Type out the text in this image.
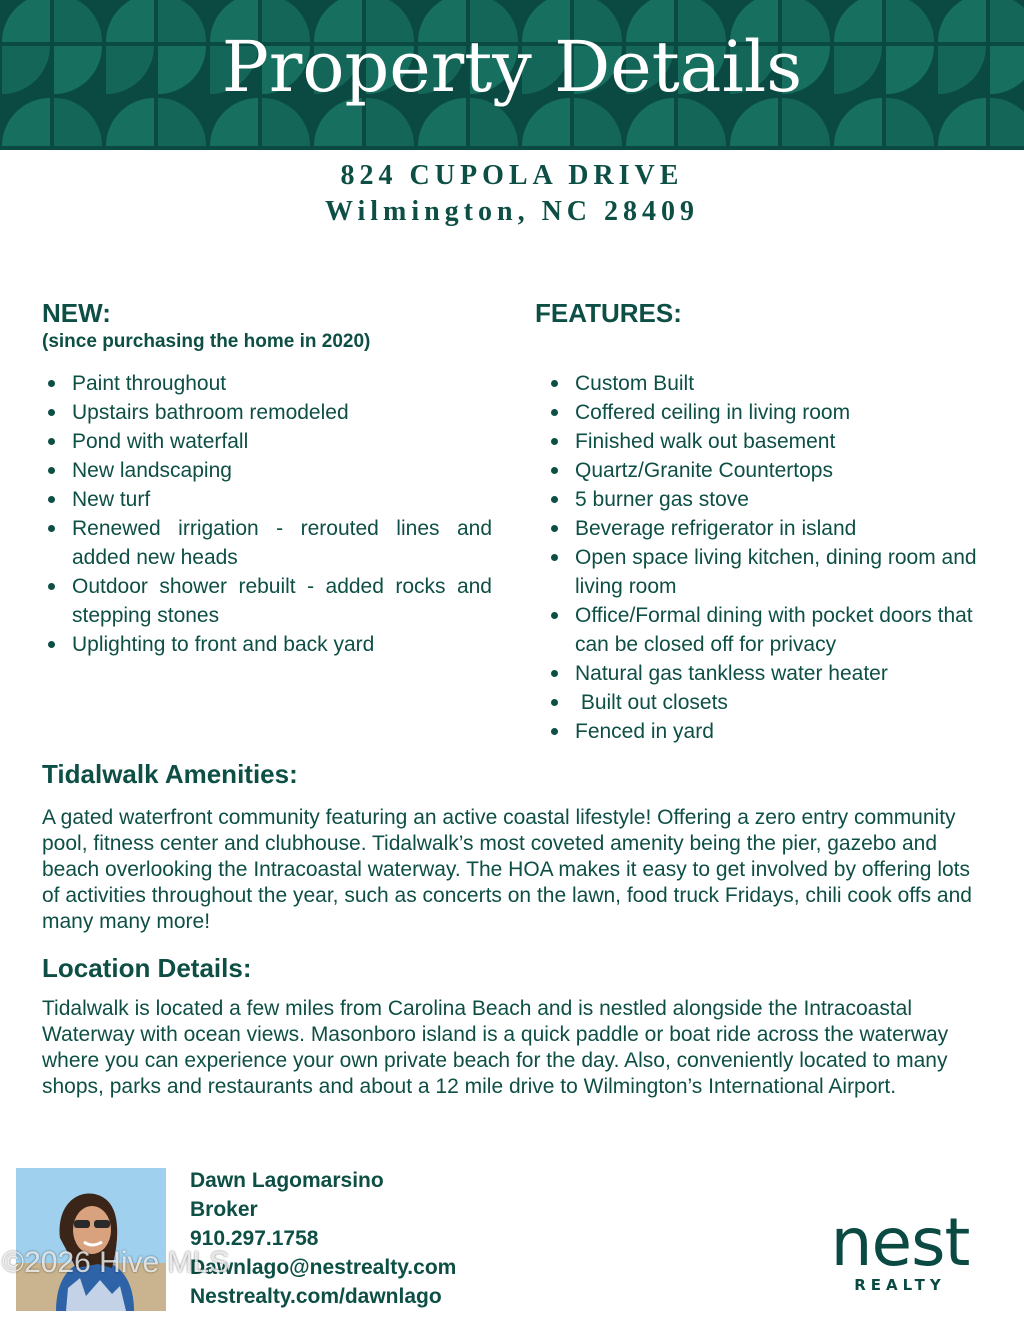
Property Details
824 CUPOLA DRIVE
Wilmington, NC 28409
NEW:
(since purchasing the home in 2020)
Paint throughout
Upstairs bathroom remodeled
Pond with waterfall
New landscaping
New turf
Renewed irrigation - rerouted lines and added new heads
Outdoor shower rebuilt - added rocks and stepping stones
Uplighting to front and back yard
FEATURES:
Custom Built
Coffered ceiling in living room
Finished walk out basement
Quartz/Granite Countertops
5 burner gas stove
Beverage refrigerator in island
Open space living kitchen, dining room and living room
Office/Formal dining with pocket doors that can be closed off for privacy
Natural gas tankless water heater
Built out closets
Fenced in yard
Tidalwalk Amenities:
A gated waterfront community featuring an active coastal lifestyle! Offering a zero entry community pool, fitness center and clubhouse. Tidalwalk’s most coveted amenity being the pier, gazebo and beach overlooking the Intracoastal waterway. The HOA makes it easy to get involved by offering lots of activities throughout the year, such as concerts on the lawn, food truck Fridays, chili cook offs and many many more!
Location Details:
Tidalwalk is located a few miles from Carolina Beach and is nestled alongside the Intracoastal Waterway with ocean views. Masonboro island is a quick paddle or boat ride across the waterway where you can experience your own private beach for the day. Also, conveniently located to many shops, parks and restaurants and about a 12 mile drive to Wilmington’s International Airport.
Dawn Lagomarsino
Broker
910.297.1758
Dawnlago@nestrealty.com
Nestrealty.com/dawnlago
nest
REALTY
©2026 Hive MLS
